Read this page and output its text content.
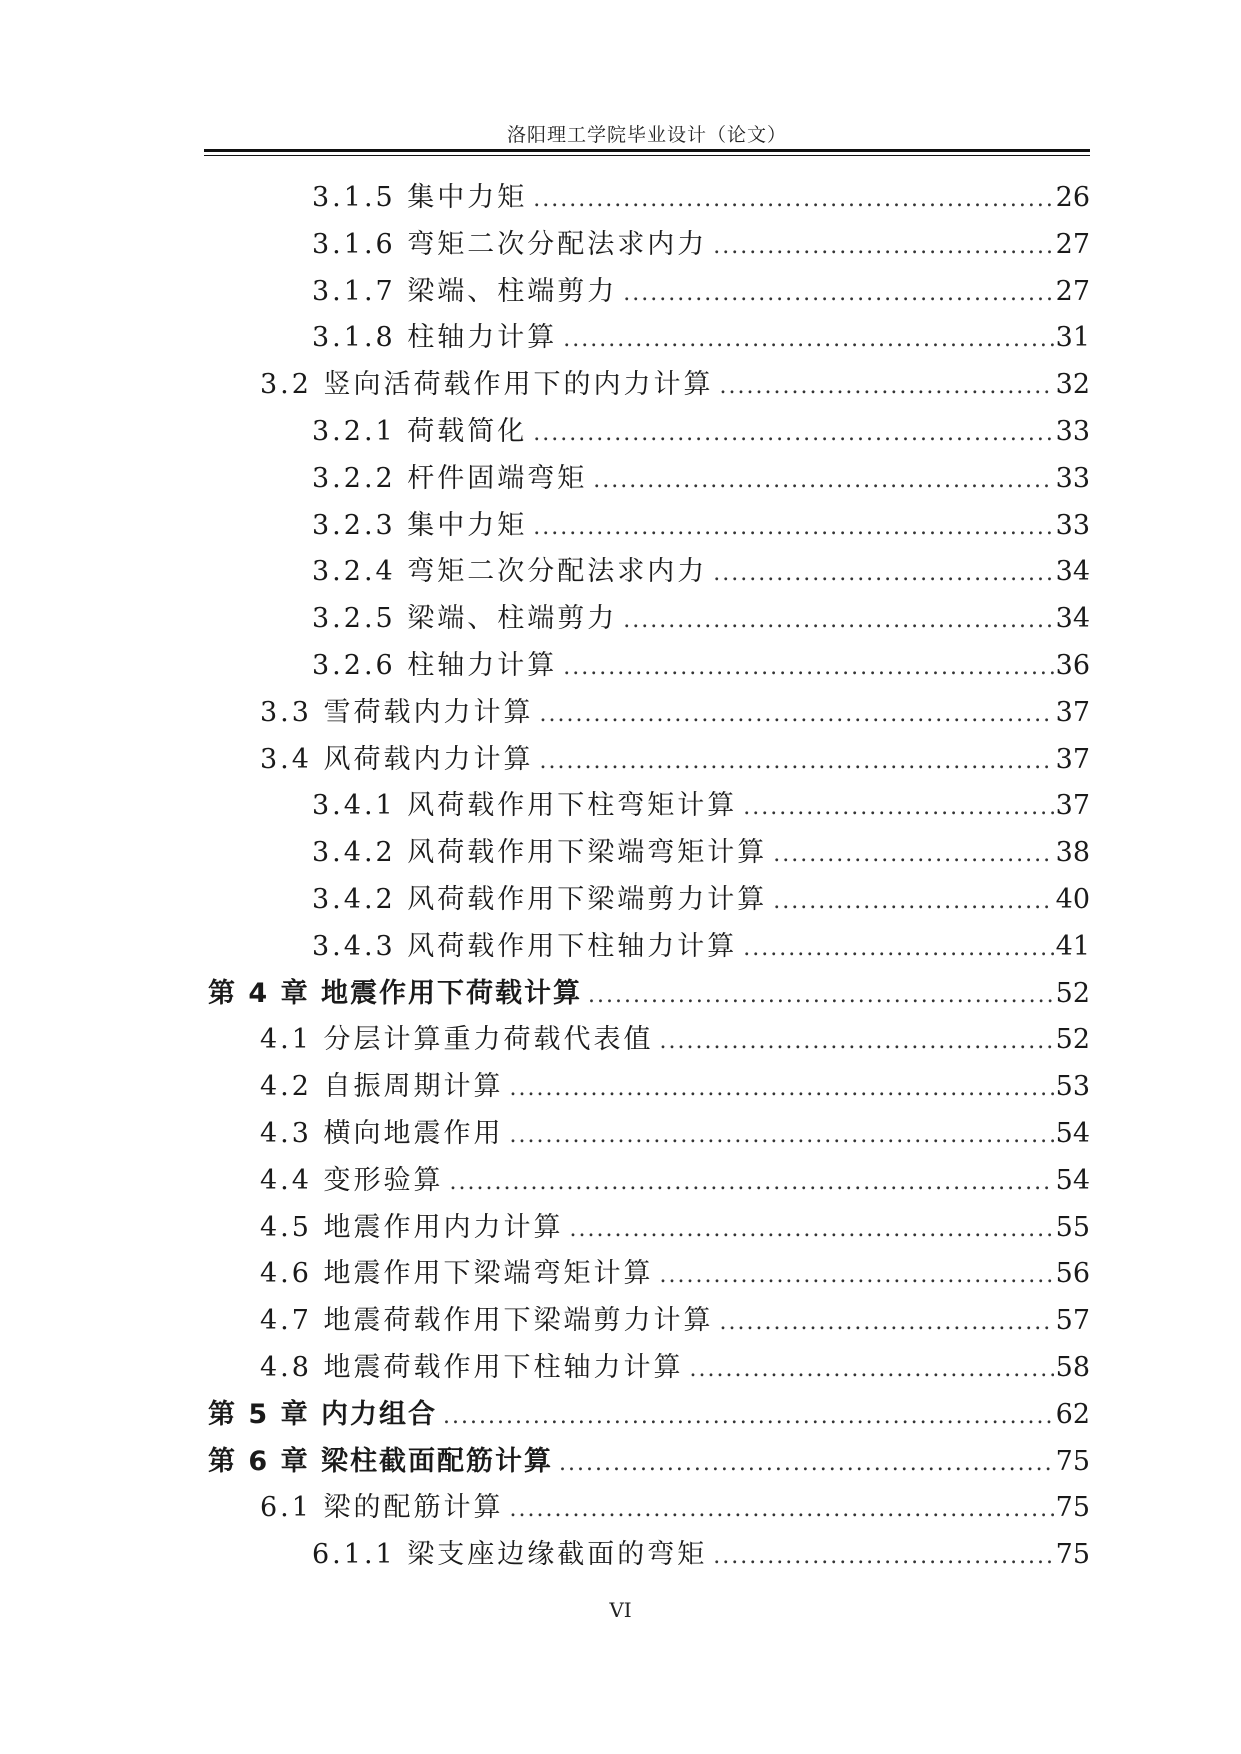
洛阳理工学院毕业设计（论文）
3.1.5 集中力矩 .....	26
3.1.6 弯矩二次分配法求内力 .....	27
3.1.7 梁端、柱端剪力 .....	27
3.1.8 柱轴力计算 .....	31
3.2 竖向活荷载作用下的内力计算 .....	32
3.2.1 荷载简化 .....	33
3.2.2 杆件固端弯矩 .....	33
3.2.3 集中力矩 .....	33
3.2.4 弯矩二次分配法求内力 .....	34
3.2.5 梁端、柱端剪力 .....	34
3.2.6 柱轴力计算 .....	36
3.3 雪荷载内力计算 .....	37
3.4 风荷载内力计算 .....	37
3.4.1 风荷载作用下柱弯矩计算 .....	37
3.4.2 风荷载作用下梁端弯矩计算 .....	38
3.4.2 风荷载作用下梁端剪力计算 .....	40
3.4.3 风荷载作用下柱轴力计算 .....	41
第 4 章 地震作用下荷载计算 .....	52
4.1 分层计算重力荷载代表值 .....	52
4.2 自振周期计算 .....	53
4.3 横向地震作用 .....	54
4.4 变形验算 .....	54
4.5 地震作用内力计算 .....	55
4.6 地震作用下梁端弯矩计算 .....	56
4.7 地震荷载作用下梁端剪力计算 .....	57
4.8 地震荷载作用下柱轴力计算 .....	58
第 5 章 内力组合 .....	62
第 6 章 梁柱截面配筋计算 .....	75
6.1 梁的配筋计算 .....	75
6.1.1 梁支座边缘截面的弯矩 .....	75
VI
